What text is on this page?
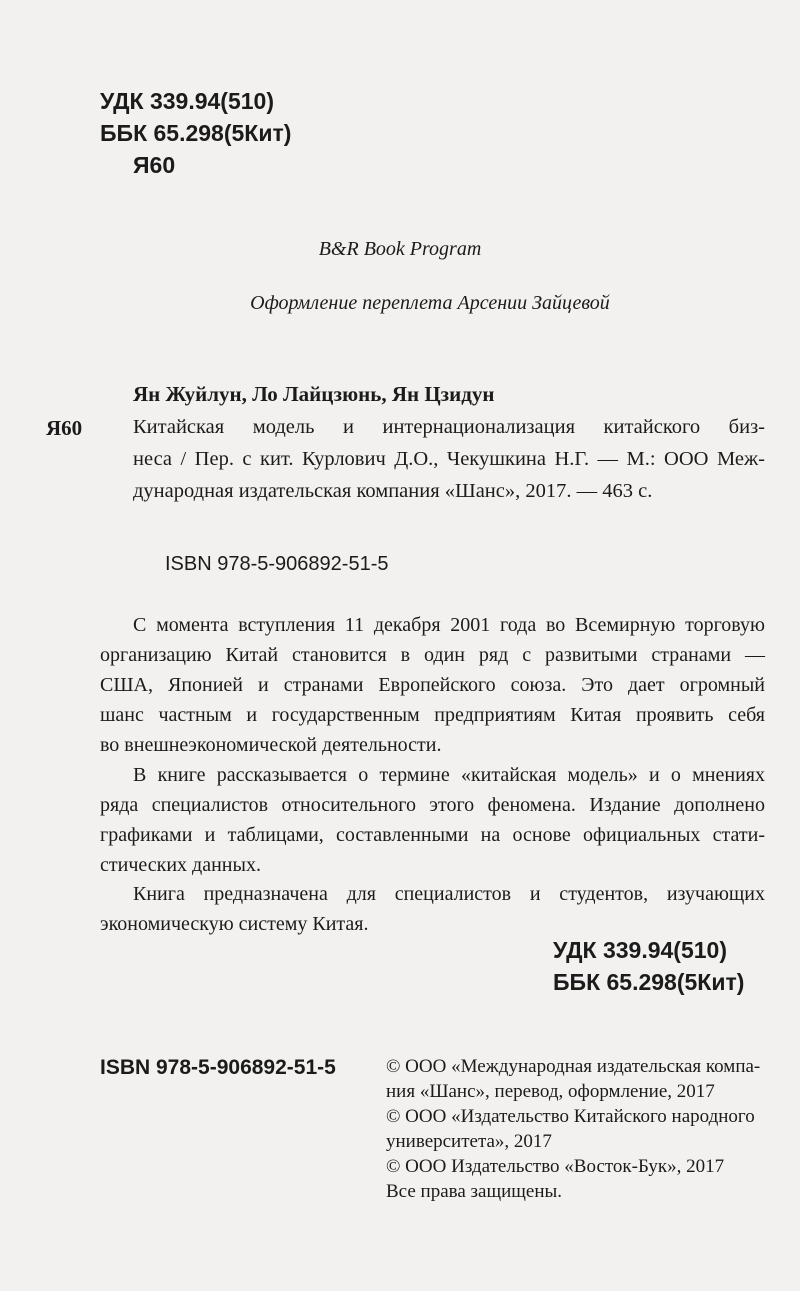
УДК 339.94(510)
ББК 65.298(5Кит)
Я60
B&R Book Program
Оформление переплета Арсении Зайцевой
Ян Жуйлун, Ло Лайцзюнь, Ян Цзидун
Я60 Китайская модель и интернационализация китайского биз-
неса / Пер. с кит. Курлович Д.О., Чекушкина Н.Г. — М.: ООО Меж-
дународная издательская компания «Шанс», 2017. — 463 с.
ISBN 978-5-906892-51-5
С момента вступления 11 декабря 2001 года во Всемирную торговую
организацию Китай становится в один ряд с развитыми странами —
США, Японией и странами Европейского союза. Это дает огромный
шанс частным и государственным предприятиям Китая проявить себя
во внешнеэкономической деятельности.
В книге рассказывается о термине «китайская модель» и о мнениях
ряда специалистов относительного этого феномена. Издание дополнено
графиками и таблицами, составленными на основе официальных стати-
стических данных.
Книга предназначена для специалистов и студентов, изучающих
экономическую систему Китая.
УДК 339.94(510)
ББК 65.298(5Кит)
ISBN 978-5-906892-51-5	© ООО «Международная издательская компа-
ния «Шанс», перевод, оформление, 2017
© ООО «Издательство Китайского народного
университета», 2017
© ООО Издательство «Восток-Бук», 2017
Все права защищены.
